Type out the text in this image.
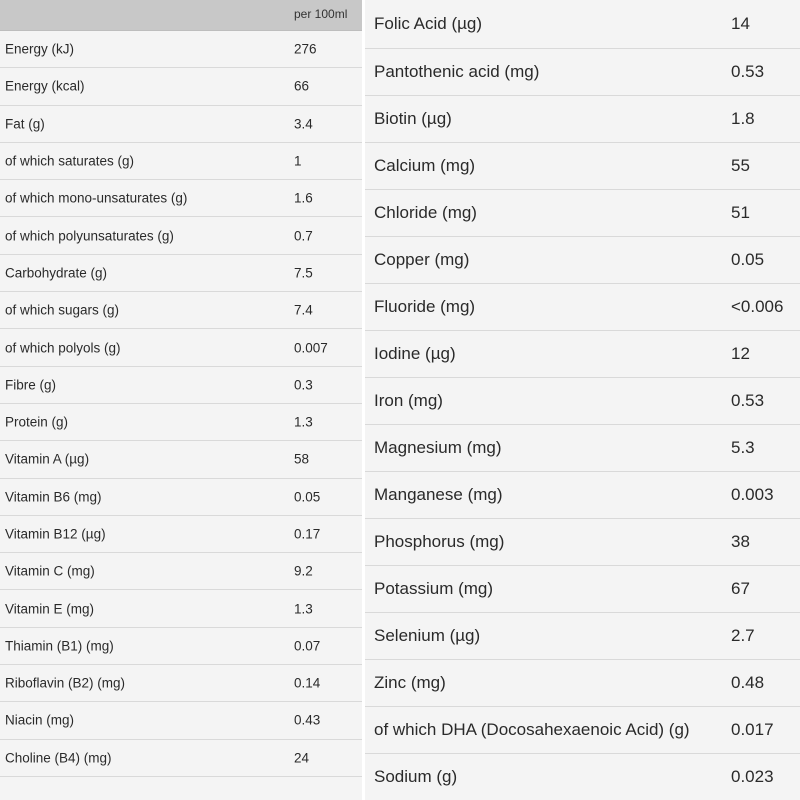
per 100ml
Energy (kJ)	276
Energy (kcal)	66
Fat (g)	3.4
of which saturates (g)	1
of which mono-unsaturates (g)	1.6
of which polyunsaturates (g)	0.7
Carbohydrate (g)	7.5
of which sugars (g)	7.4
of which polyols (g)	0.007
Fibre (g)	0.3
Protein (g)	1.3
Vitamin A (µg)	58
Vitamin B6 (mg)	0.05
Vitamin B12 (µg)	0.17
Vitamin C (mg)	9.2
Vitamin E (mg)	1.3
Thiamin (B1) (mg)	0.07
Riboflavin (B2) (mg)	0.14
Niacin (mg)	0.43
Choline (B4) (mg)	24
Folic Acid (µg)	14
Pantothenic acid (mg)	0.53
Biotin (µg)	1.8
Calcium (mg)	55
Chloride (mg)	51
Copper (mg)	0.05
Fluoride (mg)	<0.006
Iodine (µg)	12
Iron (mg)	0.53
Magnesium (mg)	5.3
Manganese (mg)	0.003
Phosphorus (mg)	38
Potassium (mg)	67
Selenium (µg)	2.7
Zinc (mg)	0.48
of which DHA (Docosahexaenoic Acid) (g) 0.017
Sodium (g)	0.023
